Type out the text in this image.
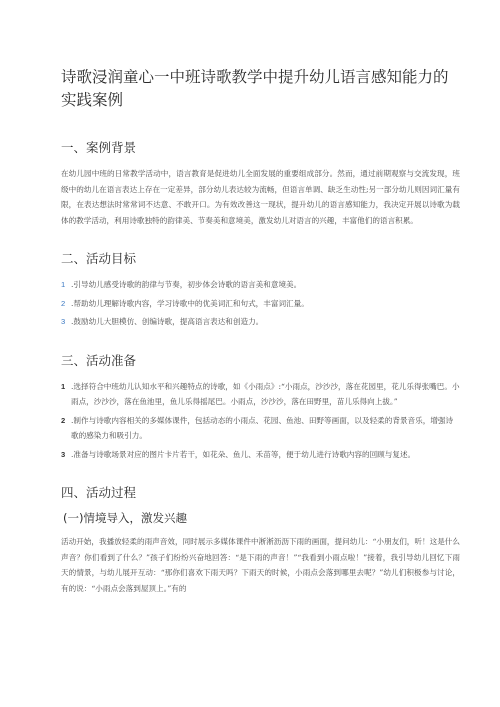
诗歌浸润童心一中班诗歌教学中提升幼儿语言感知能力的实践案例
一、案例背景

在幼儿园中班的日常教学活动中，语言教育是促进幼儿全面发展的重要组成部分。然而，通过前期观察与交流发现，班级中的幼儿在语言表达上存在一定差异，部分幼儿表达较为流畅，但语言单调、缺乏生动性;另一部分幼儿则因词汇量有限，在表达想法时常常词不达意、不敢开口。为有效改善这一现状，提升幼儿的语言感知能力，我决定开展以诗歌为载体的教学活动，利用诗歌独特的韵律美、节奏美和意境美，激发幼儿对语言的兴趣，丰富他们的语言积累。

二、活动目标
1 .引导幼儿感受诗歌的韵律与节奏，初步体会诗歌的语言美和意境美。
2 .帮助幼儿理解诗歌内容，学习诗歌中的优美词汇和句式，丰富词汇量。
3 .鼓励幼儿大胆模仿、创编诗歌，提高语言表达和创造力。
三、活动准备
1 .选择符合中班幼儿认知水平和兴趣特点的诗歌，如《小雨点》:“小雨点，沙沙沙，落在花园里，花儿乐得张嘴巴。小雨点，沙沙沙，落在鱼池里，鱼儿乐得摇尾巴。小雨点，沙沙沙，落在田野里，苗儿乐得向上拔。”
2 .制作与诗歌内容相关的多媒体课件，包括动态的小雨点、花园、鱼池、田野等画面，以及轻柔的背景音乐，增强诗歌的感染力和吸引力。
3 .准备与诗歌场景对应的图片卡片若干，如花朵、鱼儿、禾苗等，便于幼儿进行诗歌内容的回顾与复述。
四、活动过程
(一)情境导入，激发兴趣

活动开始，我播放轻柔的雨声音效，同时展示多媒体课件中淅淅沥沥下雨的画面，提问幼儿：“小朋友们，听！这是什么声音？你们看到了什么？”孩子们纷纷兴奋地回答：“是下雨的声音！”“我看到小雨点啦！”接着，我引导幼儿回忆下雨天的情景，与幼儿展开互动：“那你们喜欢下雨天吗？下雨天的时候，小雨点会落到哪里去呢？”幼儿们积极参与讨论，有的说：“小雨点会落到屋顶上。”有的
